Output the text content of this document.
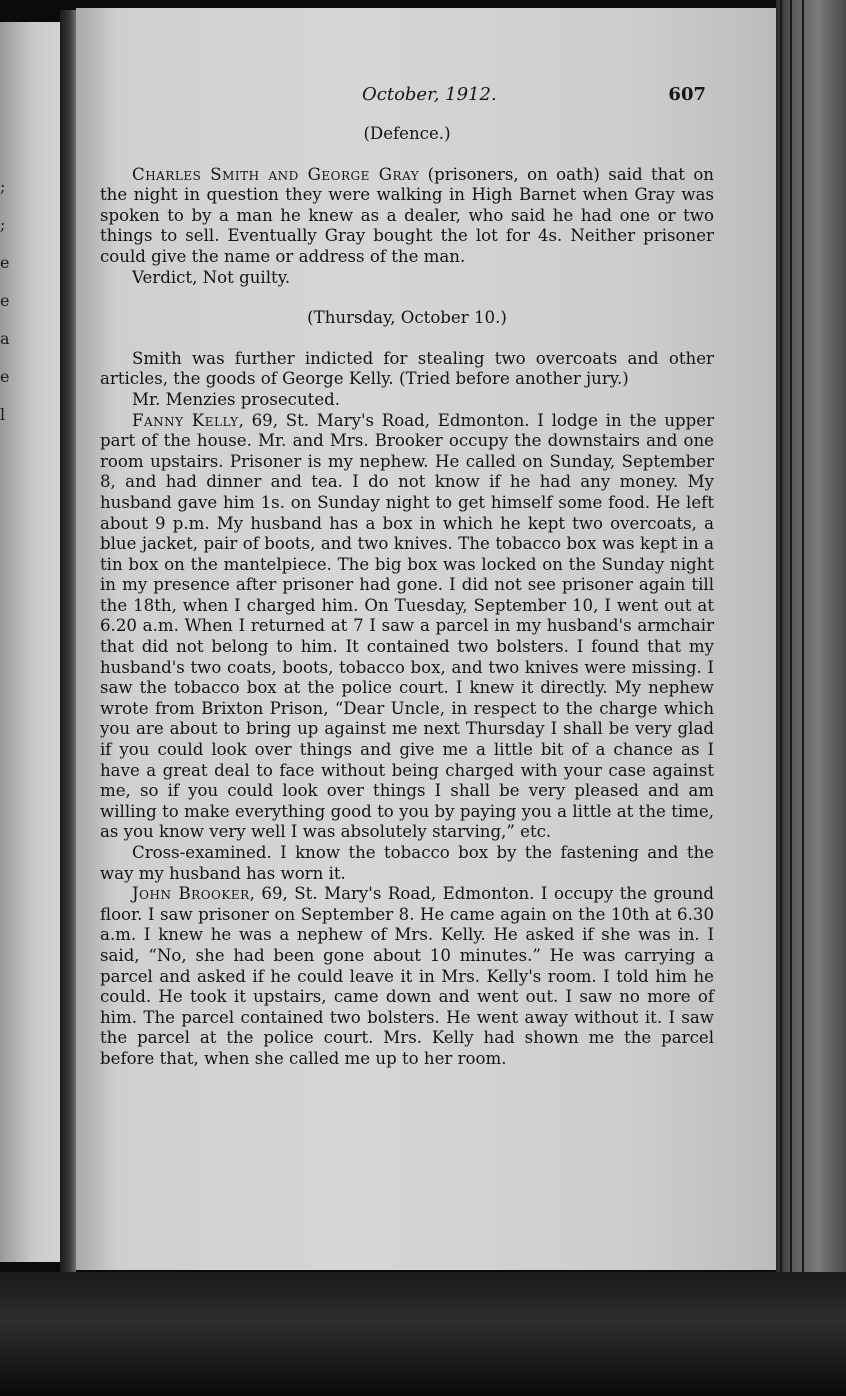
;
;
e
e
a
e
l
October, 1912.	607

(Defence.)

Charles Smith and George Gray (prisoners, on oath) said that on the night in question they were walking in High Barnet when Gray was spoken to by a man he knew as a dealer, who said he had one or two things to sell. Eventually Gray bought the lot for 4s. Neither prisoner could give the name or address of the man.

Verdict, Not guilty.

(Thursday, October 10.)

Smith was further indicted for stealing two overcoats and other articles, the goods of George Kelly. (Tried before another jury.)

Mr. Menzies prosecuted.

Fanny Kelly, 69, St. Mary's Road, Edmonton. I lodge in the upper part of the house. Mr. and Mrs. Brooker occupy the downstairs and one room upstairs. Prisoner is my nephew. He called on Sunday, September 8, and had dinner and tea. I do not know if he had any money. My husband gave him 1s. on Sunday night to get himself some food. He left about 9 p.m. My husband has a box in which he kept two overcoats, a blue jacket, pair of boots, and two knives. The tobacco box was kept in a tin box on the mantelpiece. The big box was locked on the Sunday night in my presence after prisoner had gone. I did not see prisoner again till the 18th, when I charged him. On Tuesday, September 10, I went out at 6.20 a.m. When I returned at 7 I saw a parcel in my husband's armchair that did not belong to him. It contained two bolsters. I found that my husband's two coats, boots, tobacco box, and two knives were missing. I saw the tobacco box at the police court. I knew it directly. My nephew wrote from Brixton Prison, “Dear Uncle, in respect to the charge which you are about to bring up against me next Thursday I shall be very glad if you could look over things and give me a little bit of a chance as I have a great deal to face without being charged with your case against me, so if you could look over things I shall be very pleased and am willing to make everything good to you by paying you a little at the time, as you know very well I was absolutely starving,” etc.

Cross-examined. I know the tobacco box by the fastening and the way my husband has worn it.

John Brooker, 69, St. Mary's Road, Edmonton. I occupy the ground floor. I saw prisoner on September 8. He came again on the 10th at 6.30 a.m. I knew he was a nephew of Mrs. Kelly. He asked if she was in. I said, “No, she had been gone about 10 minutes.” He was carrying a parcel and asked if he could leave it in Mrs. Kelly's room. I told him he could. He took it upstairs, came down and went out. I saw no more of him. The parcel contained two bolsters. He went away without it. I saw the parcel at the police court. Mrs. Kelly had shown me the parcel before that, when she called me up to her room.
